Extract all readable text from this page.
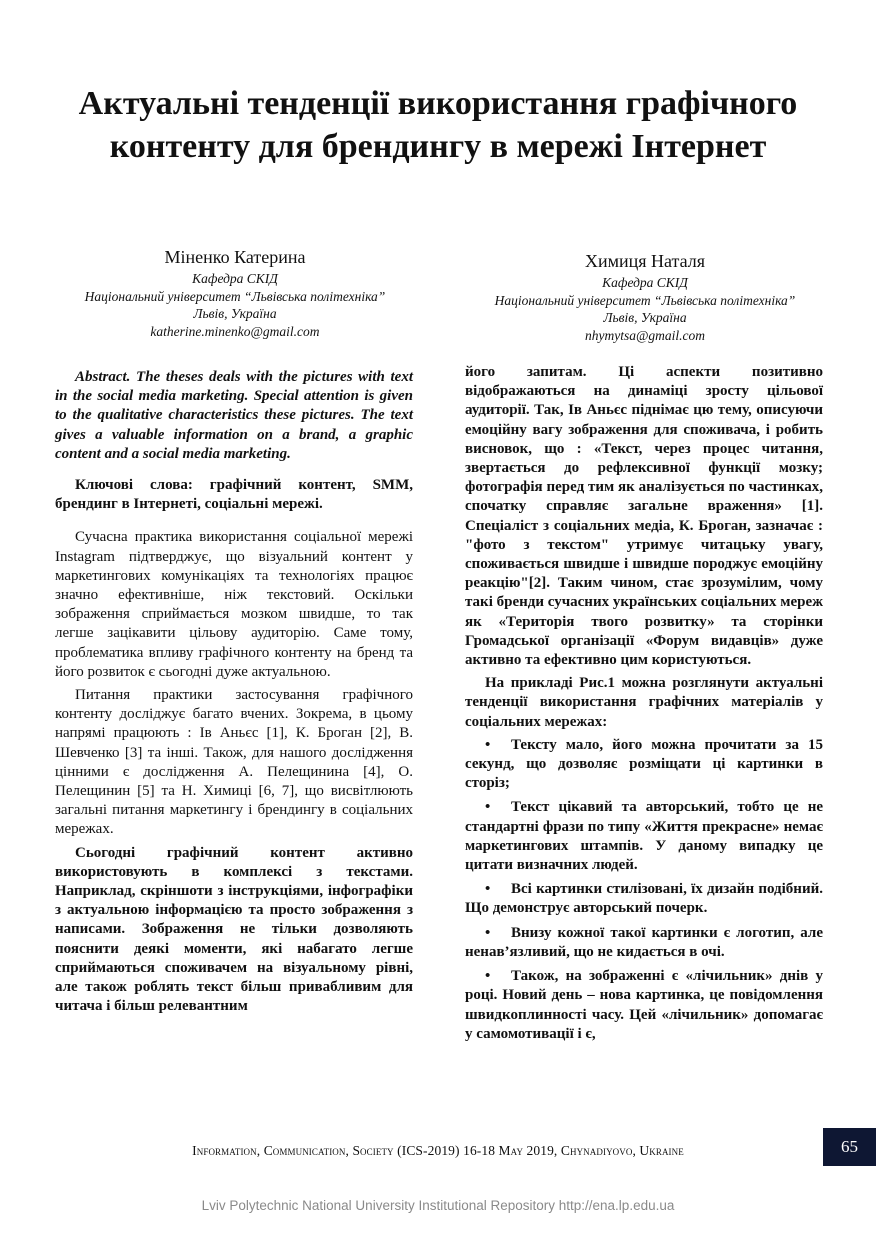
Актуальні тенденції використання графічного контенту для брендингу в мережі Інтернет
Міненко Катерина
Кафедра СКІД
Національний університет “Львівська політехніка”
Львів, Україна
katherine.minenko@gmail.com
Химиця Наталя
Кафедра СКІД
Національний університет “Львівська політехніка”
Львів, Україна
nhymytsa@gmail.com

Abstract. The theses deals with the pictures with text in the social media marketing. Special attention is given to the qualitative characteristics these pictures. The text gives a valuable information on a brand, a graphic content and a social media marketing.

Ключові слова: графічний контент, SMM, брендинг в Інтернеті, соціальні мережі.

Сучасна практика використання соціальної мережі Instagram підтверджує, що візуальний контент у маркетингових комунікаціях та технологіях працює значно ефективніше, ніж текстовий. Оскільки зображення сприймається мозком швидше, то так легше зацікавити цільову аудиторію. Саме тому, проблематика впливу графічного контенту на бренд та його розвиток є сьогодні дуже актуальною.

Питання практики застосування графічного контенту досліджує багато вчених. Зокрема, в цьому напрямі працюють : Ів Аньєс [1], К. Броган [2], В. Шевченко [3] та інші. Також, для нашого дослідження цінними є дослідження А. Пелещинина [4], О. Пелещинин [5] та Н. Химиці [6, 7], що висвітлюють загальні питання маркетингу і брендингу в соціальних мережах.

Сьогодні графічний контент активно використовують в комплексі з текстами. Наприклад, скріншоти з інструкціями, інфографіки з актуальною інформацією та просто зображення з написами. Зображення не тільки дозволяють пояснити деякі моменти, які набагато легше сприймаються споживачем на візуальному рівні, але також роблять текст більш привабливим для читача і більш релевантним

його запитам. Ці аспекти позитивно відображаються на динаміці зросту цільової аудиторії. Так, Ів Аньєс піднімає цю тему, описуючи емоційну вагу зображення для споживача, і робить висновок, що : «Текст, через процес читання, звертається до рефлексивної функції мозку; фотографія перед тим як аналізується по частинках, спочатку справляє загальне враження» [1]. Спеціаліст з соціальних медіа, К. Броган, зазначає : "фото з текстом" утримує читацьку увагу, споживається швидше і швидше породжує емоційну реакцію"[2]. Таким чином, стає зрозумілим, чому такі бренди сучасних українських соціальних мереж як «Територія твого розвитку» та сторінки Громадської організації «Форум видавців» дуже активно та ефективно цим користуються.

На прикладі Рис.1 можна розглянути актуальні тенденції використання графічних матеріалів у соціальних мережах:

• Тексту мало, його можна прочитати за 15 секунд, що дозволяє розміщати ці картинки в сторіз;

• Текст цікавий та авторський, тобто це не стандартні фрази по типу «Життя прекрасне» немає маркетингових штампів. У даному випадку це цитати визначних людей.

• Всі картинки стилізовані, їх дизайн подібний. Що демонструє авторський почерк.

• Внизу кожної такої картинки є логотип, але ненав’язливий, що не кидається в очі.

• Також, на зображенні є «лічильник» днів у році. Новий день – нова картинка, це повідомлення швидкоплинності часу. Цей «лічильник» допомагає у самомотивації і є,

Information, Communication, Society (ICS-2019) 16-18 May 2019, Chynadiyovo, Ukraine	65
Lviv Polytechnic National University Institutional Repository http://ena.lp.edu.ua
